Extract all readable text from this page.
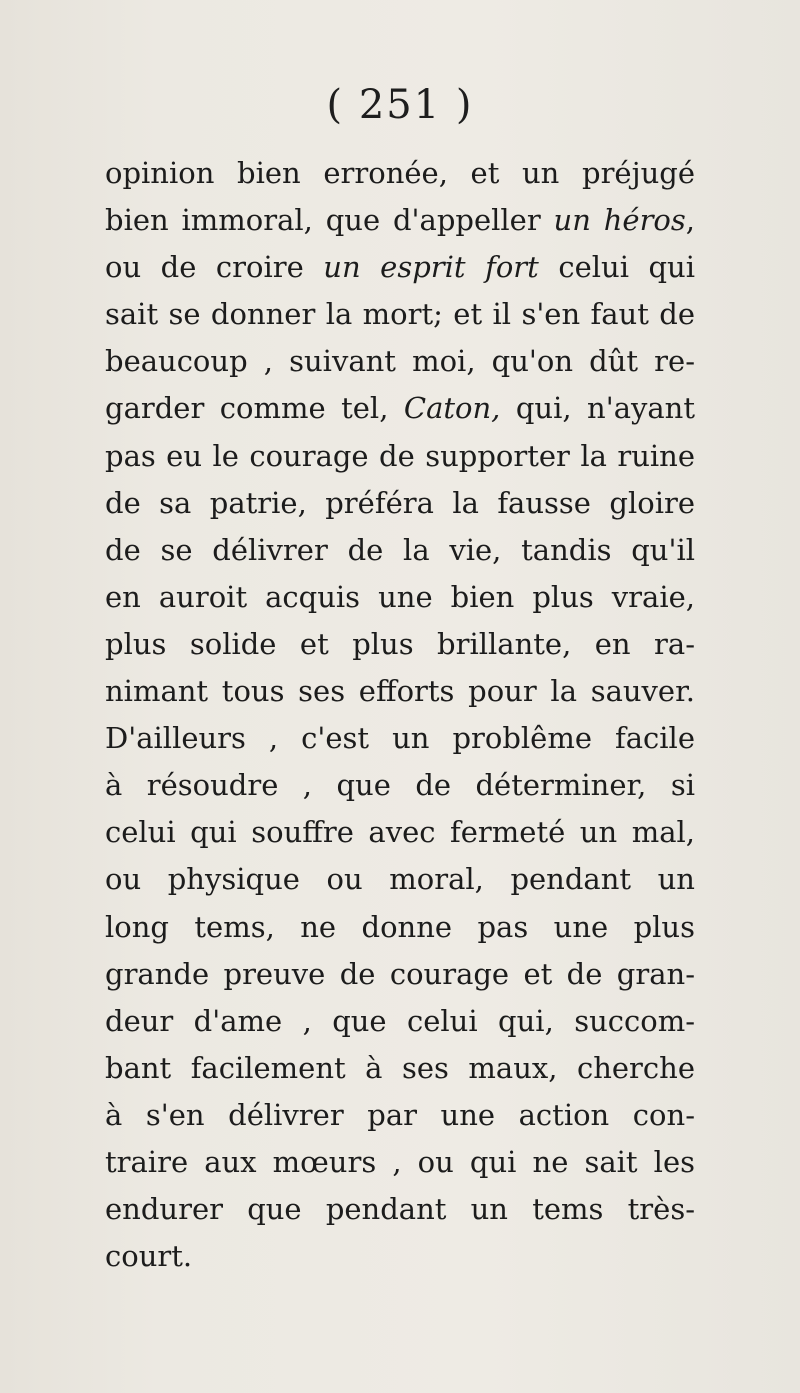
( 251 )
opinion bien erronée, et un préjugé
bien immoral, que d'appeller un héros,
ou de croire un esprit fort celui qui
sait se donner la mort; et il s'en faut de
beaucoup , suivant moi, qu'on dût re-
garder comme tel, Caton, qui, n'ayant
pas eu le courage de supporter la ruine
de sa patrie, préféra la fausse gloire
de se délivrer de la vie, tandis qu'il
en auroit acquis une bien plus vraie,
plus solide et plus brillante, en ra-
nimant tous ses efforts pour la sauver.
D'ailleurs , c'est un problême facile
à résoudre , que de déterminer, si
celui qui souffre avec fermeté un mal,
ou physique ou moral, pendant un
long tems, ne donne pas une plus
grande preuve de courage et de gran-
deur d'ame , que celui qui, succom-
bant facilement à ses maux, cherche
à s'en délivrer par une action con-
traire aux mœurs , ou qui ne sait les
endurer que pendant un tems très-
court.
